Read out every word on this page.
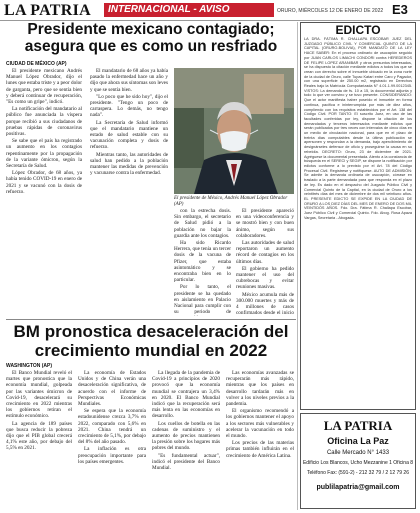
LA PATRIA INTERNACIONAL - AVISO	ORURO, MIÉRCOLES 12 DE ENERO DE 2022 E3
Presidente mexicano contagiado; asegura que es como un resfriado
CIUDAD DE MÉXICO (AP)

El presidente mexicano Andrés Manuel López Obrador, dijo el lunes que estaba triste y a peor dolor de garganta, pero que se sentía bien y deberá continuar de recuperación, "Es como un gripe", indicó.

La notificación del mandatario al público fue anunciada la víspera porque recibió a sus ciudadanos de pruebas rápidas de coronavirus positivas.

Se sabe que el país ha registrado un aumento en los contagios repentinamente por la propagación de la variante ómicron, según la Secretaría de Salud.

López Obrador, de 68 años, ya había tenido COVID-19 en enero de 2021 y se vacunó con la dosis de refuerzo.

El mandatario de 68 años ya había pasado la enfermedad hace un año y dijo que ahora sus síntomas son leves y que se sentía bien.

"Lo poco que he sido hoy", dijo el presidente. "Tengo un poco de carraspera. Lo demás, no tengo nada".

La Secretaría de Salud informó que el mandatario mantiene un estado de salud estable con su vacunación completa y dosis de refuerzo.

Mientras tanto, las autoridades de salud han pedido a la población mantener las medidas de prevención y vacunarse contra la enfermedad.

El presidente de México, Andrés Manuel López Obrador (AP)

con la estrecha dosis. Sin embargo, el secretario de Salud pidió a la población no bajar la guardia ante los contagios.

Ha sido Ricardo Herrera, que tenía un tercer dosis de la vacuna de Pfizer, que estaba asintomático y se encontraba bien en lo particular.

Por lo tanto, el presidente se ha quedado en aislamiento en Palacio Nacional para cumplir con su periodo de

El presidente apareció en una videoconferencia y se mostró bien y con buen ánimo, según sus colaboradores.

Las autoridades de salud reportaron un aumento récord de contagios en los últimos días.

El gobierno ha pedido mantener el uso del cubrebocas y evitar reuniones masivas.

México acumula más de 300.000 muertes y más de 4 millones de casos confirmados desde el inicio

BM pronostica desaceleración del crecimiento mundial en 2022
WASHINGTON (AP)

El Banco Mundial reveló el martes que pronostica que la economía mundial, golpeada por las variantes ómicron de Covid-19, desacelerará su crecimiento en 2022 mientras los gobiernos retiran el estímulo económico.

La agencia de 189 países que busca reducir la pobreza dijo que el PIB global crecerá 4,1% este año, por debajo del 5,5% en 2021.

La economía de Estados Unidos y de China verán una desaceleración significativa, de acuerdo con el informe de Perspectivas Económicas Mundiales.

Se espera que la economía estadounidense crezca 3,7% en 2022, comparado con 5,6% en 2021. China tendrá un crecimiento de 5,1%, por debajo del 8% del año pasado.

La inflación es otra preocupación importante para los países emergentes.

La llegada de la pandemia de Covid-19 a principios de 2020 provocó que la economía mundial se contrajera un 3,4% en 2020. El Banco Mundial indicó que la recuperación será más lenta en las economías en desarrollo.

Los cuellos de botella en las cadenas de suministro y el aumento de precios mantienen la presión sobre los hogares más pobres del mundo.

"Es fundamental actuar", indicó el presidente del Banco Mundial.

Las economías avanzadas se recuperarán más rápido, mientras que los países en desarrollo tardarán más en volver a los niveles previos a la pandemia.

El organismo recomendó a los gobiernos mantener el apoyo a los sectores más vulnerables y acelerar la vacunación en todo el mundo.

Los precios de las materias primas también influirán en el crecimiento de América Latina.

EDICTO
LA DRA. FÁTIMA R. CHALLAPA ESCOBAR JUEZ DEL JUZGADO PÚBLICO CIVIL Y COMERCIAL QUINTO DE LA CAPITAL (ORURO-BOLIVIA), POR MANDATO DE LA LEY HACE SABER: En el proceso ordinario de usucapión seguido por JUAN CARLOS LIMACHI CONDORI contra HEREDEROS DE FELIPE LOPEZ ARANIBAR y otros presuntos interesados, se ha dispuesto la citación mediante edictos a todos los que se crean con derecho sobre el inmueble ubicado en la zona norte de la ciudad de Oruro, calle Tupac Katari entre Caro y Pagador, con una superficie de 250.00 m2, registrado en Derechos Reales bajo la Matrícula Computarizada N° 4.01.1.99.0012345. VISTOS: La demanda de fs. 10 a 15, la documental adjunta y todo lo que ver convino y se tuvo presente. CONSIDERANDO: Que el actor manifiesta haber poseído el inmueble en forma continua, pacífica e ininterrumpida por más de diez años, cumpliendo con los requisitos establecidos por el Art. 138 del Código Civil. POR TANTO: El suscrito Juez, en uso de las facultades conferidas por ley, dispone la citación de los demandados y terceros interesados mediante edictos que serán publicados por tres veces con intervalos de cinco días en un medio de circulación nacional, para que en el plazo de treinta días computables desde la última publicación se apersonen y respondan a la demanda, bajo apercibimiento de designárseles defensor de oficio y proseguirse la causa en su rebeldía. DECRETO: Oruro, 23 de diciembre de 2021. Agréguese la documental presentada. Atento a la constancia de búsqueda en el SERECI y SEGIP, se dispone la notificación por edictos conforme a lo previsto por el Art. 78 del Código Procesal Civil. Regístrese y notifíquese. AUTO DE ADMISIÓN: Se admite la demanda ordinaria de usucapión, córrase en traslado a la parte demandada para que responda en el plazo de ley. Es dado en el despacho del Juzgado Público Civil y Comercial Quinto de la Capital, en la ciudad de Oruro a los veintitrés días del mes de diciembre de dos mil veintiuno años. EL PRESENTE EDICTO SE EXPIDE EN LA CIUDAD DE ORURO A LOS DIEZ DÍAS DEL MES DE ENERO DE DOS MIL VEINTIDÓS AÑOS. Fdo. Dra. Fátima R. Challapa Escobar, Juez Público Civil y Comercial Quinto. Fdo. Abog. Rosa Apaza Vargas, Secretaria - Abogada.
LA PATRIA
Oficina La Paz
Calle Mercado N° 1433
Edificio Los Blancos, Ucho Mezzanine 1 Oficina 8
Teléfono Fax: (591-2) - 212 32 79 / 2 12 79 26
publilapatria@gmail.com
